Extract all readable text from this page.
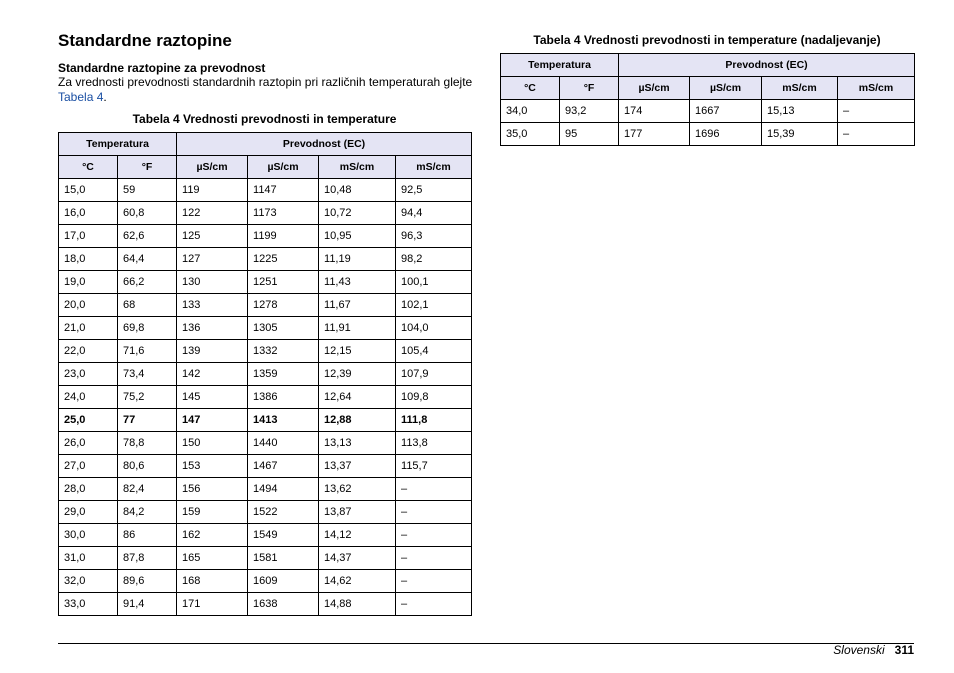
Standardne raztopine
Standardne raztopine za prevodnost
Za vrednosti prevodnosti standardnih raztopin pri različnih temperaturah glejte Tabela 4.
Tabela 4 Vrednosti prevodnosti in temperature
Temperatura		Prevodnost (EC)			
°C	°F	µS/cm	µS/cm	mS/cm	mS/cm
15,0	59	119	1147	10,48	92,5
16,0	60,8	122	1173	10,72	94,4
17,0	62,6	125	1199	10,95	96,3
18,0	64,4	127	1225	11,19	98,2
19,0	66,2	130	1251	11,43	100,1
20,0	68	133	1278	11,67	102,1
21,0	69,8	136	1305	11,91	104,0
22,0	71,6	139	1332	12,15	105,4
23,0	73,4	142	1359	12,39	107,9
24,0	75,2	145	1386	12,64	109,8
25,0	77	147	1413	12,88	111,8
26,0	78,8	150	1440	13,13	113,8
27,0	80,6	153	1467	13,37	115,7
28,0	82,4	156	1494	13,62	–
29,0	84,2	159	1522	13,87	–
30,0	86	162	1549	14,12	–
31,0	87,8	165	1581	14,37	–
32,0	89,6	168	1609	14,62	–
33,0	91,4	171	1638	14,88	–
Tabela 4 Vrednosti prevodnosti in temperature (nadaljevanje)
Temperatura		Prevodnost (EC)			
°C	°F	µS/cm	µS/cm	mS/cm	mS/cm
34,0	93,2	174	1667	15,13	–
35,0	95	177	1696	15,39	–
Slovenski 311
